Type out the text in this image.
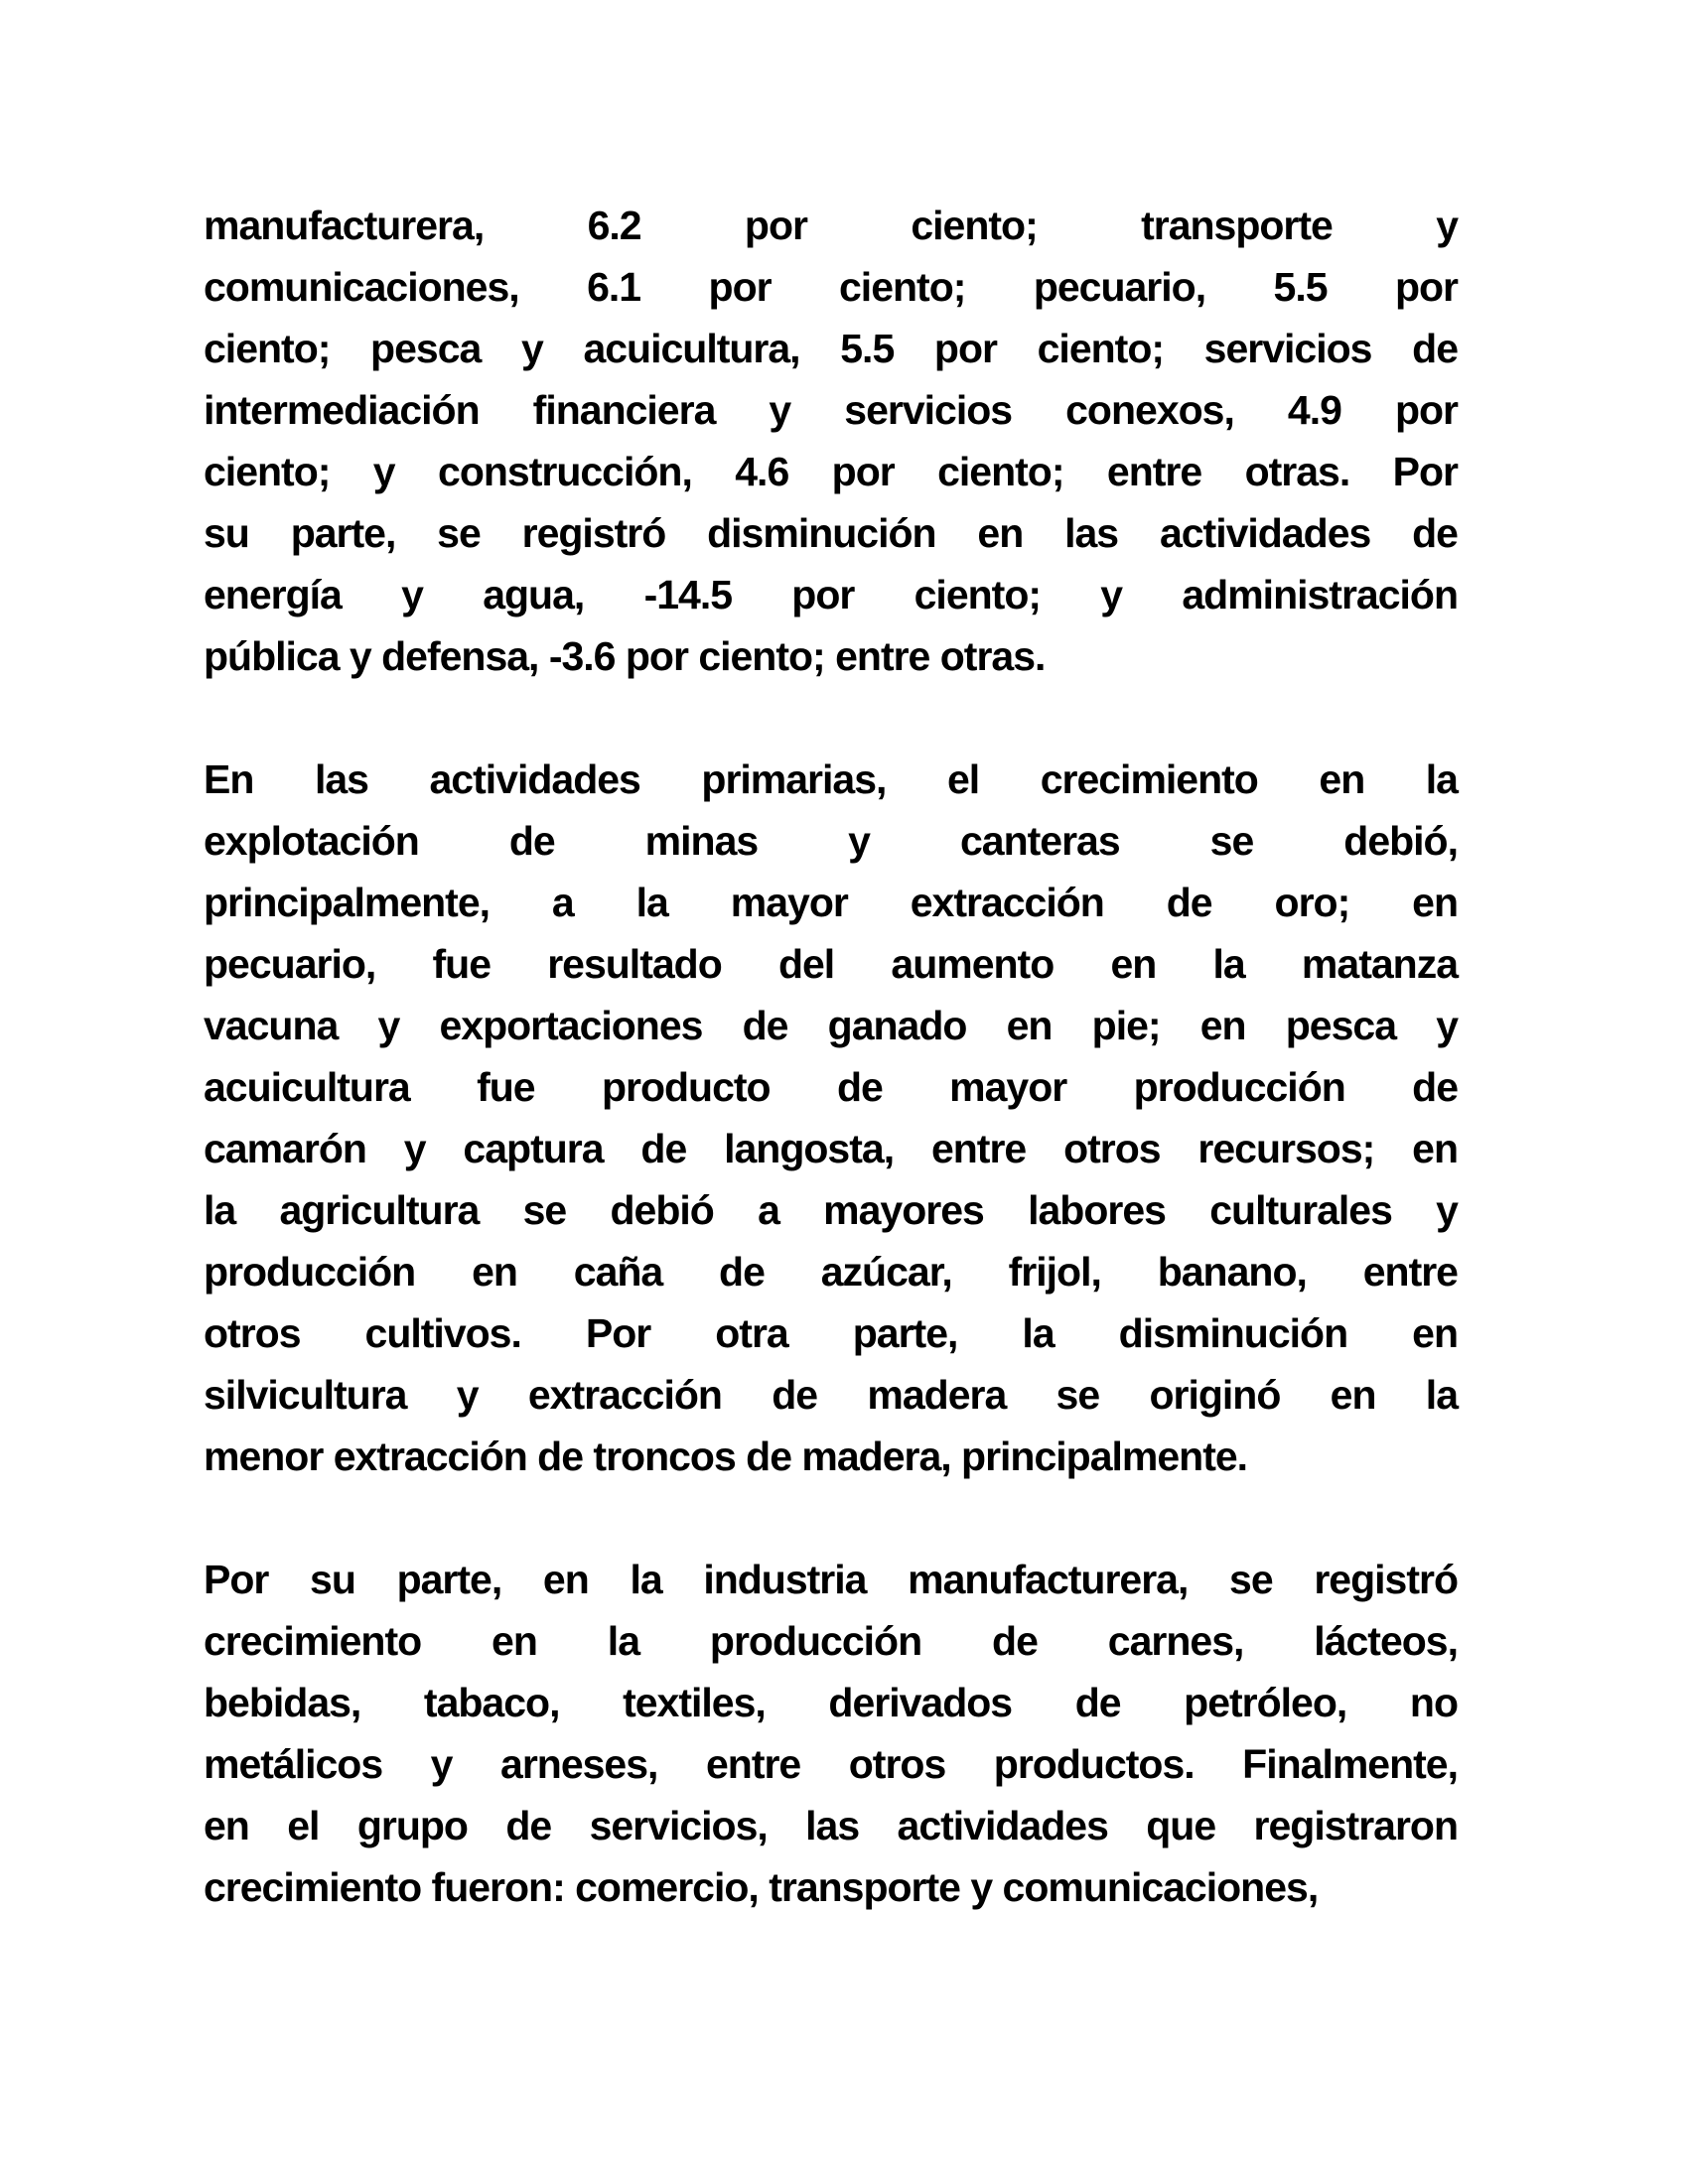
manufacturera, 6.2 por ciento; transporte y
comunicaciones, 6.1 por ciento; pecuario, 5.5 por
ciento; pesca y acuicultura, 5.5 por ciento; servicios de
intermediación financiera y servicios conexos, 4.9 por
ciento; y construcción, 4.6 por ciento; entre otras. Por
su parte, se registró disminución en las actividades de
energía y agua, -14.5 por ciento; y administración
pública y defensa, -3.6 por ciento; entre otras.
En las actividades primarias, el crecimiento en la
explotación de minas y canteras se debió,
principalmente, a la mayor extracción de oro; en
pecuario, fue resultado del aumento en la matanza
vacuna y exportaciones de ganado en pie; en pesca y
acuicultura fue producto de mayor producción de
camarón y captura de langosta, entre otros recursos; en
la agricultura se debió a mayores labores culturales y
producción en caña de azúcar, frijol, banano, entre
otros cultivos. Por otra parte, la disminución en
silvicultura y extracción de madera se originó en la
menor extracción de troncos de madera, principalmente.
Por su parte, en la industria manufacturera, se registró
crecimiento en la producción de carnes, lácteos,
bebidas, tabaco, textiles, derivados de petróleo, no
metálicos y arneses, entre otros productos. Finalmente,
en el grupo de servicios, las actividades que registraron
crecimiento fueron: comercio, transporte y comunicaciones,
